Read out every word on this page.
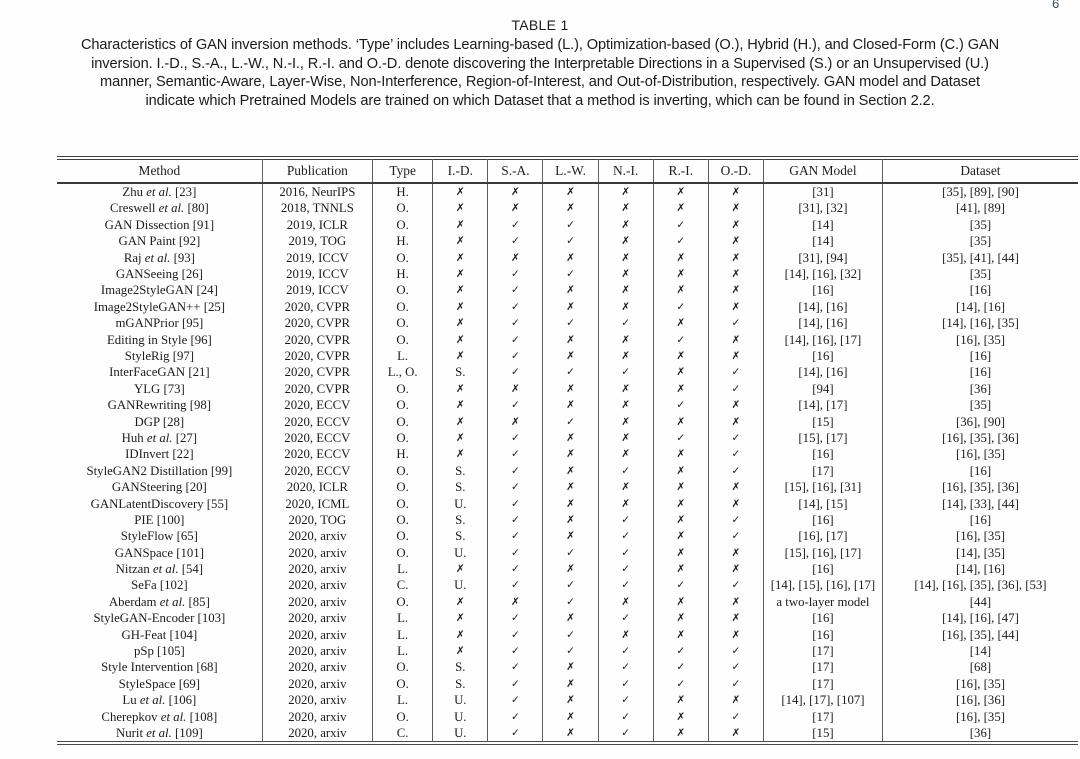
6
TABLE 1
Characteristics of GAN inversion methods. ‘Type’ includes Learning-based (L.), Optimization-based (O.), Hybrid (H.), and Closed-Form (C.) GAN
inversion. I.-D., S.-A., L.-W., N.-I., R.-I. and O.-D. denote discovering the Interpretable Directions in a Supervised (S.) or an Unsupervised (U.)
manner, Semantic-Aware, Layer-Wise, Non-Interference, Region-of-Interest, and Out-of-Distribution, respectively. GAN model and Dataset
indicate which Pretrained Models are trained on which Dataset that a method is inverting, which can be found in Section 2.2.
Method	Publication	Type	I.-D.	S.-A.	L.-W.	N.-I.	R.-I.	O.-D.	GAN Model	Dataset
Zhu et al. [23]	2016, NeurIPS	H.	✗	✗	✗	✗	✗	✗	[31]	[35], [89], [90]
Creswell et al. [80]	2018, TNNLS	O.	✗	✗	✗	✗	✗	✗	[31], [32]	[41], [89]
GAN Dissection [91]	2019, ICLR	O.	✗	✓	✓	✗	✓	✗	[14]	[35]
GAN Paint [92]	2019, TOG	H.	✗	✓	✓	✗	✓	✗	[14]	[35]
Raj et al. [93]	2019, ICCV	O.	✗	✗	✗	✗	✗	✗	[31], [94]	[35], [41], [44]
GANSeeing [26]	2019, ICCV	H.	✗	✓	✓	✗	✗	✗	[14], [16], [32]	[35]
Image2StyleGAN [24]	2019, ICCV	O.	✗	✓	✗	✗	✗	✗	[16]	[16]
Image2StyleGAN++ [25]	2020, CVPR	O.	✗	✓	✗	✗	✓	✗	[14], [16]	[14], [16]
mGANPrior [95]	2020, CVPR	O.	✗	✓	✓	✓	✗	✓	[14], [16]	[14], [16], [35]
Editing in Style [96]	2020, CVPR	O.	✗	✓	✗	✗	✓	✗	[14], [16], [17]	[16], [35]
StyleRig [97]	2020, CVPR	L.	✗	✓	✗	✗	✗	✗	[16]	[16]
InterFaceGAN [21]	2020, CVPR	L., O.	S.	✓	✓	✓	✗	✓	[14], [16]	[16]
YLG [73]	2020, CVPR	O.	✗	✗	✗	✗	✗	✓	[94]	[36]
GANRewriting [98]	2020, ECCV	O.	✗	✓	✗	✗	✓	✗	[14], [17]	[35]
DGP [28]	2020, ECCV	O.	✗	✗	✓	✗	✗	✗	[15]	[36], [90]
Huh et al. [27]	2020, ECCV	O.	✗	✓	✗	✗	✓	✓	[15], [17]	[16], [35], [36]
IDInvert [22]	2020, ECCV	H.	✗	✓	✗	✗	✗	✓	[16]	[16], [35]
StyleGAN2 Distillation [99]	2020, ECCV	O.	S.	✓	✗	✓	✗	✓	[17]	[16]
GANSteering [20]	2020, ICLR	O.	S.	✓	✗	✗	✗	✗	[15], [16], [31]	[16], [35], [36]
GANLatentDiscovery [55]	2020, ICML	O.	U.	✓	✗	✗	✗	✗	[14], [15]	[14], [33], [44]
PIE [100]	2020, TOG	O.	S.	✓	✗	✓	✗	✓	[16]	[16]
StyleFlow [65]	2020, arxiv	O.	S.	✓	✗	✓	✗	✓	[16], [17]	[16], [35]
GANSpace [101]	2020, arxiv	O.	U.	✓	✓	✓	✗	✗	[15], [16], [17]	[14], [35]
Nitzan et al. [54]	2020, arxiv	L.	✗	✓	✗	✓	✗	✗	[16]	[14], [16]
SeFa [102]	2020, arxiv	C.	U.	✓	✓	✓	✓	✓	[14], [15], [16], [17]	[14], [16], [35], [36], [53]
Aberdam et al. [85]	2020, arxiv	O.	✗	✗	✓	✗	✗	✗	a two-layer model	[44]
StyleGAN-Encoder [103]	2020, arxiv	L.	✗	✓	✗	✓	✗	✗	[16]	[14], [16], [47]
GH-Feat [104]	2020, arxiv	L.	✗	✓	✓	✗	✗	✗	[16]	[16], [35], [44]
pSp [105]	2020, arxiv	L.	✗	✓	✓	✓	✓	✓	[17]	[14]
Style Intervention [68]	2020, arxiv	O.	S.	✓	✗	✓	✓	✓	[17]	[68]
StyleSpace [69]	2020, arxiv	O.	S.	✓	✗	✓	✓	✓	[17]	[16], [35]
Lu et al. [106]	2020, arxiv	L.	U.	✓	✗	✓	✗	✗	[14], [17], [107]	[16], [36]
Cherepkov et al. [108]	2020, arxiv	O.	U.	✓	✗	✓	✗	✓	[17]	[16], [35]
Nurit et al. [109]	2020, arxiv	C.	U.	✓	✗	✓	✗	✗	[15]	[36]
